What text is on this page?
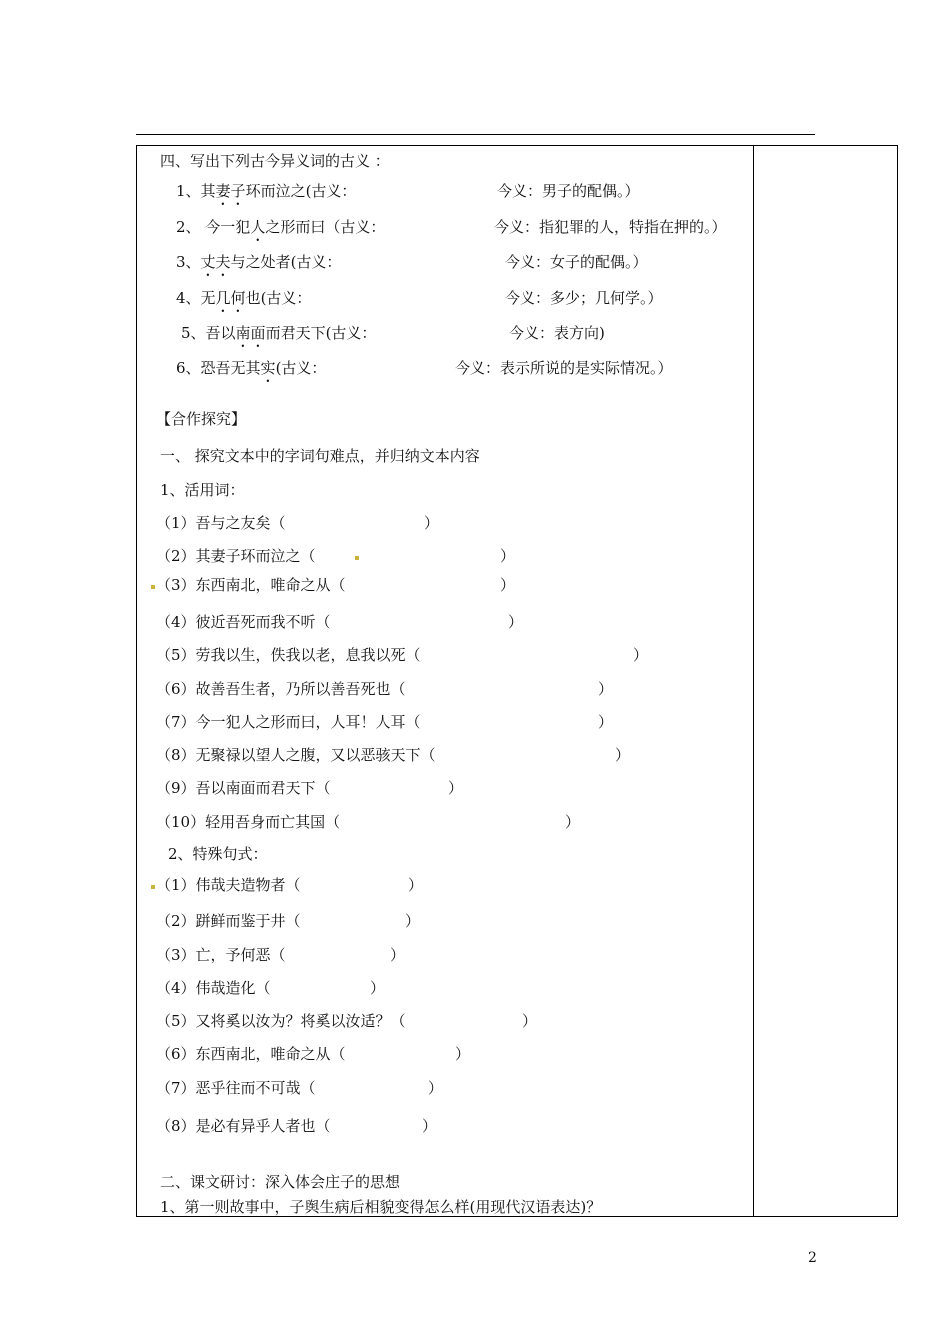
四、写出下列古今异义词的古义 ：
1、其妻子环而泣之(古义：	今义：男子的配偶。）
2、 今一犯人之形而曰（古义：	今义：指犯罪的人，特指在押的。）
3、丈夫与之处者(古义：	今义：女子的配偶。）
4、无几何也(古义：	今义：多少；几何学。）
5、吾以南面而君天下(古义：	今义：表方向)
6、恐吾无其实(古义：	今义：表示所说的是实际情况。）
【合作探究】
一、 探究文本中的字词句难点，并归纳文本内容
1、活用词：
（1）吾与之友矣（	）
（2）其妻子环而泣之（	）
（3）东西南北，唯命之从（	）
（4）彼近吾死而我不听（	）
（5）劳我以生，佚我以老，息我以死（	）
（6）故善吾生者，乃所以善吾死也（	）
（7）今一犯人之形而曰，人耳！人耳（	）
（8）无聚禄以望人之腹，又以恶骇天下（	）
（9）吾以南面而君天下（	）
（10）轻用吾身而亡其国（	）
2、特殊句式：
（1）伟哉夫造物者（	）
（2）跰鲜而鉴于井（	）
（3）亡，予何恶（	）
（4）伟哉造化（	）
（5）又将奚以汝为？将奚以汝适？（	）
（6）东西南北，唯命之从（	）
（7）恶乎往而不可哉（	）
（8）是必有异乎人者也（	）
二、课文研讨：深入体会庄子的思想
1、第一则故事中，子舆生病后相貌变得怎么样(用现代汉语表达)？
2
